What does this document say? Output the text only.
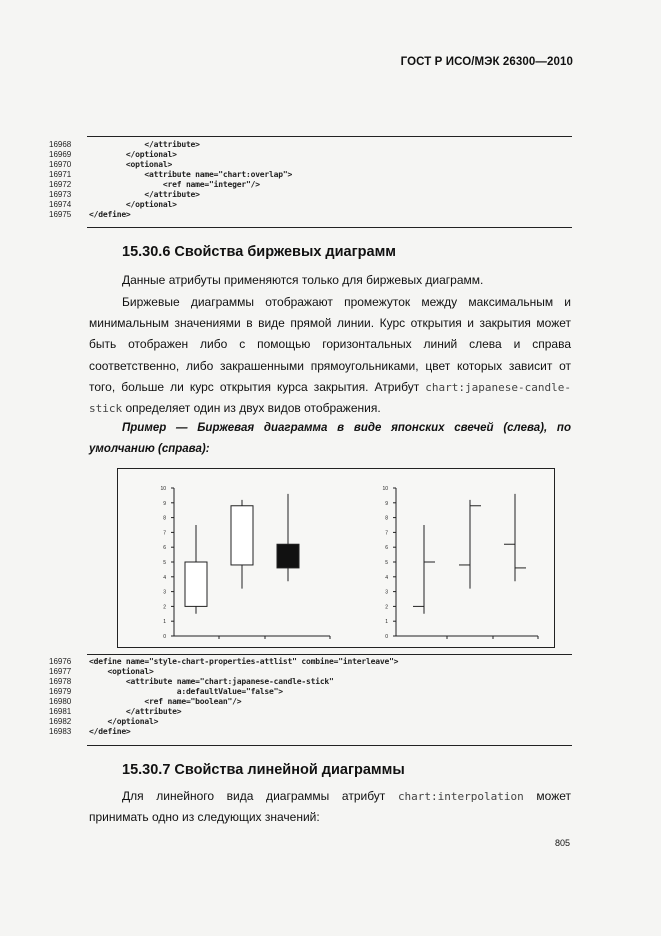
ГОСТ Р ИСО/МЭК 26300—2010
16968	</attribute>
16969	</optional>
16970	<optional>
16971	<attribute name="chart:overlap">
16972	<ref name="integer"/>
16973	</attribute>
16974	</optional>
16975	</define>
15.30.6 Свойства биржевых диаграмм

Данные атрибуты применяются только для биржевых диаграмм.

Биржевые диаграммы отображают промежуток между максимальным и минимальным значениями в виде прямой линии. Курс открытия и закрытия может быть отображен либо с помощью горизонтальных линий слева и справа соответственно, либо закрашенными прямоугольниками, цвет которых зависит от того, больше ли курс открытия курса закрытия. Атрибут chart:japanese-candle-stick определяет один из двух видов отображения.

Пример — Биржевая диаграмма в виде японских свечей (слева), по умолчанию (справа):

0
1
2
3
4
5
6
7
8
9
10
0
1
2
3
4
5
6
7
8
9
10
16976	<define name="style-chart-properties-attlist" combine="interleave">
16977	<optional>
16978	<attribute name="chart:japanese-candle-stick"
16979	a:defaultValue="false">
16980	<ref name="boolean"/>
16981	</attribute>
16982	</optional>
16983	</define>
15.30.7 Свойства линейной диаграммы

Для линейного вида диаграммы атрибут chart:interpolation может принимать одно из следующих значений:

805
